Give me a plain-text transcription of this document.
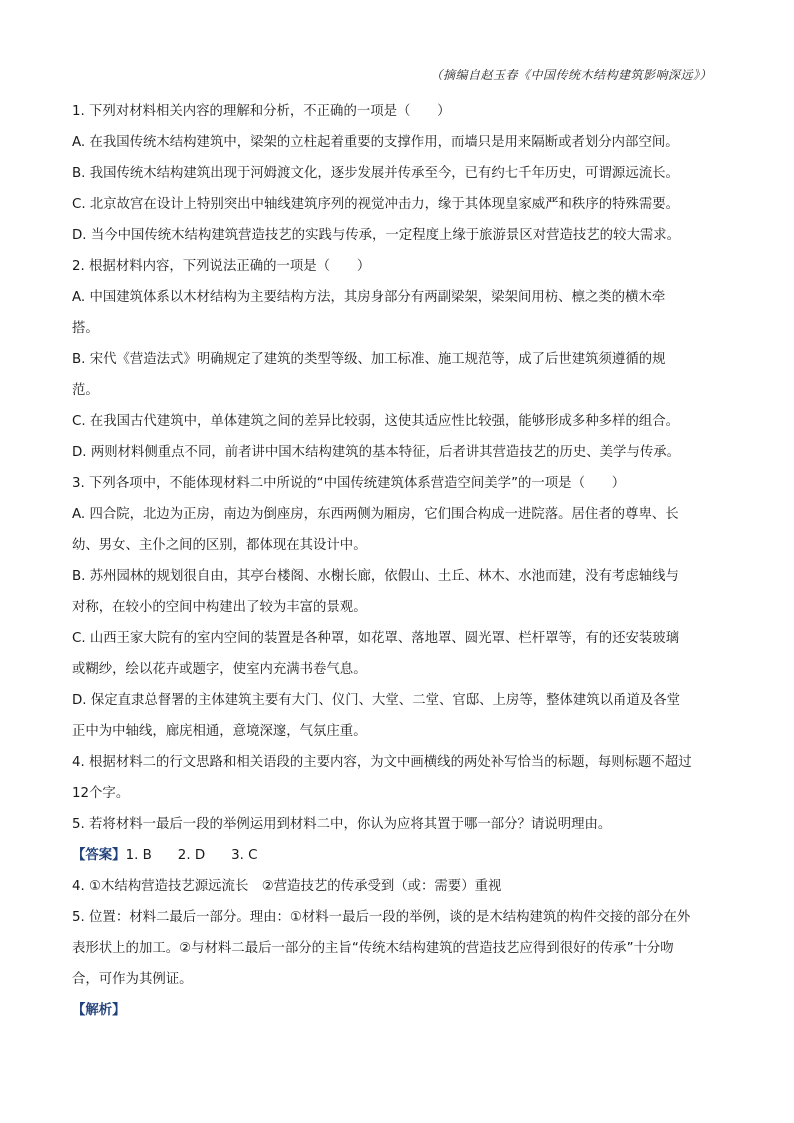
（摘编自赵玉春《中国传统木结构建筑影响深远》）

1. 下列对材料相关内容的理解和分析，不正确的一项是（　　）

A. 在我国传统木结构建筑中，梁架的立柱起着重要的支撑作用，而墙只是用来隔断或者划分内部空间。

B. 我国传统木结构建筑出现于河姆渡文化，逐步发展并传承至今，已有约七千年历史，可谓源远流长。

C. 北京故宫在设计上特别突出中轴线建筑序列的视觉冲击力，缘于其体现皇家威严和秩序的特殊需要。

D. 当今中国传统木结构建筑营造技艺的实践与传承，一定程度上缘于旅游景区对营造技艺的较大需求。

2. 根据材料内容，下列说法正确的一项是（　　）

A. 中国建筑体系以木材结构为主要结构方法，其房身部分有两副梁架，梁架间用枋、檩之类的横木牵

搭。

B. 宋代《营造法式》明确规定了建筑的类型等级、加工标准、施工规范等，成了后世建筑须遵循的规

范。

C. 在我国古代建筑中，单体建筑之间的差异比较弱，这使其适应性比较强，能够形成多种多样的组合。

D. 两则材料侧重点不同，前者讲中国木结构建筑的基本特征，后者讲其营造技艺的历史、美学与传承。

3. 下列各项中，不能体现材料二中所说的“中国传统建筑体系营造空间美学”的一项是（　　）

A. 四合院，北边为正房，南边为倒座房，东西两侧为厢房，它们围合构成一进院落。居住者的尊卑、长

幼、男女、主仆之间的区别，都体现在其设计中。

B. 苏州园林的规划很自由，其亭台楼阁、水榭长廊，依假山、土丘、林木、水池而建，没有考虑轴线与

对称，在较小的空间中构建出了较为丰富的景观。

C. 山西王家大院有的室内空间的装置是各种罩，如花罩、落地罩、圆光罩、栏杆罩等，有的还安装玻璃

或糊纱，绘以花卉或题字，使室内充满书卷气息。

D. 保定直隶总督署的主体建筑主要有大门、仪门、大堂、二堂、官邸、上房等，整体建筑以甬道及各堂

正中为中轴线，廊庑相通，意境深邃，气氛庄重。

4. 根据材料二的行文思路和相关语段的主要内容，为文中画横线的两处补写恰当的标题，每则标题不超过

12个字。

5. 若将材料一最后一段的举例运用到材料二中，你认为应将其置于哪一部分？请说明理由。

【答案】1. B 2. D 3. C

4. ①木结构营造技艺源远流长　②营造技艺的传承受到（或：需要）重视

5. 位置：材料二最后一部分。理由：①材料一最后一段的举例，谈的是木结构建筑的构件交接的部分在外

表形状上的加工。②与材料二最后一部分的主旨“传统木结构建筑的营造技艺应得到很好的传承”十分吻

合，可作为其例证。

【解析】
